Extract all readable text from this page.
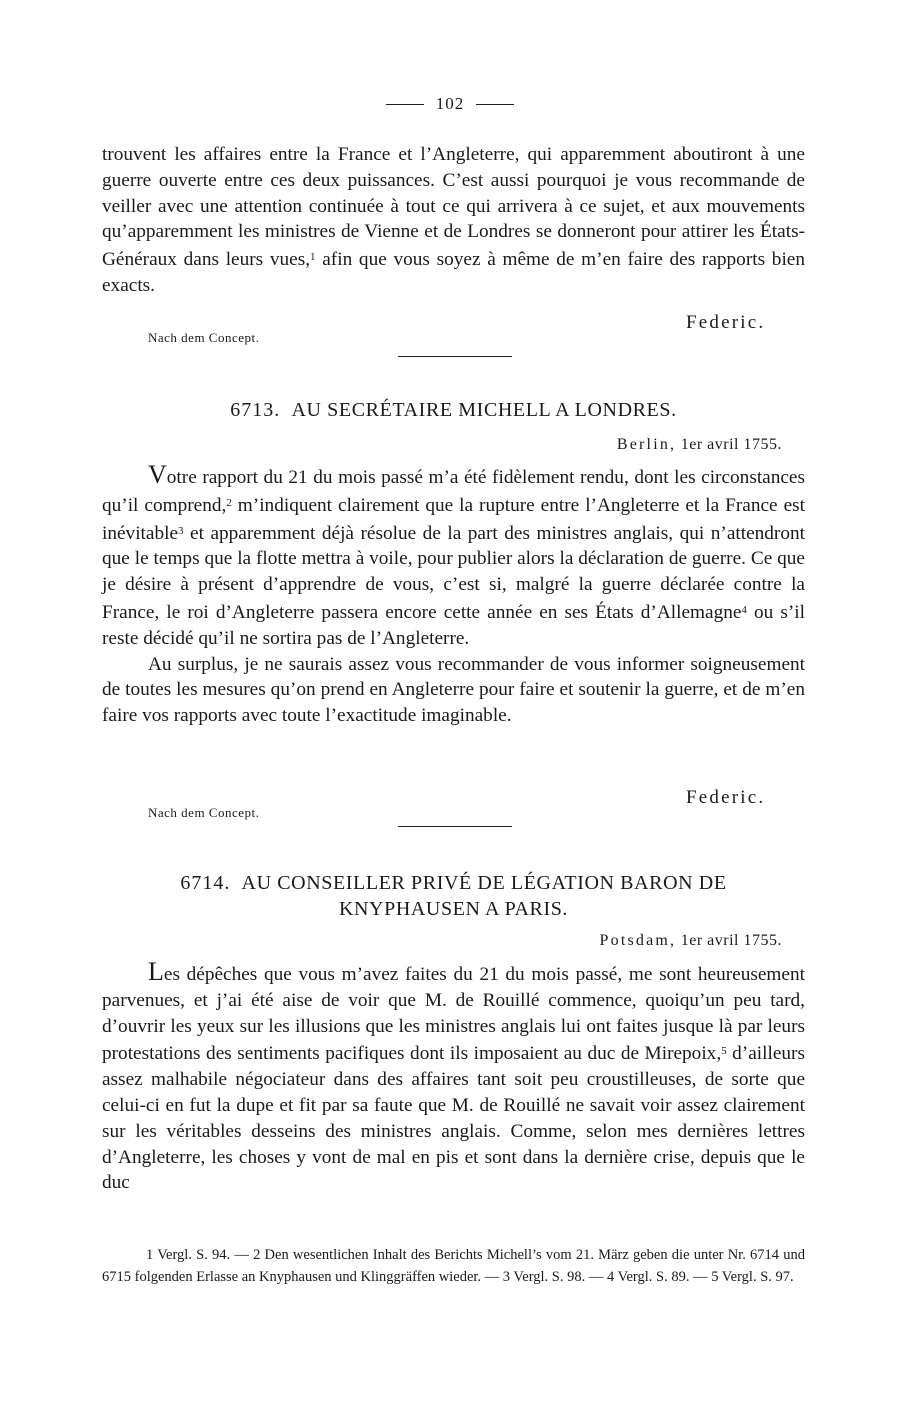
102

trouvent les affaires entre la France et l’Angleterre, qui apparemment aboutiront à une guerre ouverte entre ces deux puissances. C’est aussi pourquoi je vous recommande de veiller avec une attention continuée à tout ce qui arrivera à ce sujet, et aux mouvements qu’apparemment les ministres de Vienne et de Londres se donneront pour attirer les États-Généraux dans leurs vues,$^1$ afin que vous soyez à même de m’en faire des rapports bien exacts.

Federic.
Nach dem Concept.
6713. AU SECRÉTAIRE MICHELL A LONDRES.
Berlin, 1er avril 1755.

Votre rapport du 21 du mois passé m’a été fidèlement rendu, dont les circonstances qu’il comprend,$^2$ m’indiquent clairement que la rupture entre l’Angleterre et la France est inévitable$^3$ et apparemment déjà résolue de la part des ministres anglais, qui n’attendront que le temps que la flotte mettra à voile, pour publier alors la déclaration de guerre. Ce que je désire à présent d’apprendre de vous, c’est si, malgré la guerre déclarée contre la France, le roi d’Angleterre passera encore cette année en ses États d’Allemagne$^4$ ou s’il reste décidé qu’il ne sortira pas de l’Angleterre.

Au surplus, je ne saurais assez vous recommander de vous informer soigneusement de toutes les mesures qu’on prend en Angleterre pour faire et soutenir la guerre, et de m’en faire vos rapports avec toute l’exactitude imaginable.

Federic.
Nach dem Concept.
6714. AU CONSEILLER PRIVÉ DE LÉGATION BARON DE
KNYPHAUSEN A PARIS.
Potsdam, 1er avril 1755.

Les dépêches que vous m’avez faites du 21 du mois passé, me sont heureusement parvenues, et j’ai été aise de voir que M. de Rouillé commence, quoiqu’un peu tard, d’ouvrir les yeux sur les illusions que les ministres anglais lui ont faites jusque là par leurs protestations des sentiments pacifiques dont ils imposaient au duc de Mirepoix,$^5$ d’ailleurs assez malhabile négociateur dans des affaires tant soit peu croustilleuses, de sorte que celui-ci en fut la dupe et fit par sa faute que M. de Rouillé ne savait voir assez clairement sur les véritables desseins des ministres anglais. Comme, selon mes dernières lettres d’Angleterre, les choses y vont de mal en pis et sont dans la dernière crise, depuis que le duc

1 Vergl. S. 94. — 2 Den wesentlichen Inhalt des Berichts Michell’s vom 21. März geben die unter Nr. 6714 und 6715 folgenden Erlasse an Knyphausen und Klinggräffen wieder. — 3 Vergl. S. 98. — 4 Vergl. S. 89. — 5 Vergl. S. 97.
